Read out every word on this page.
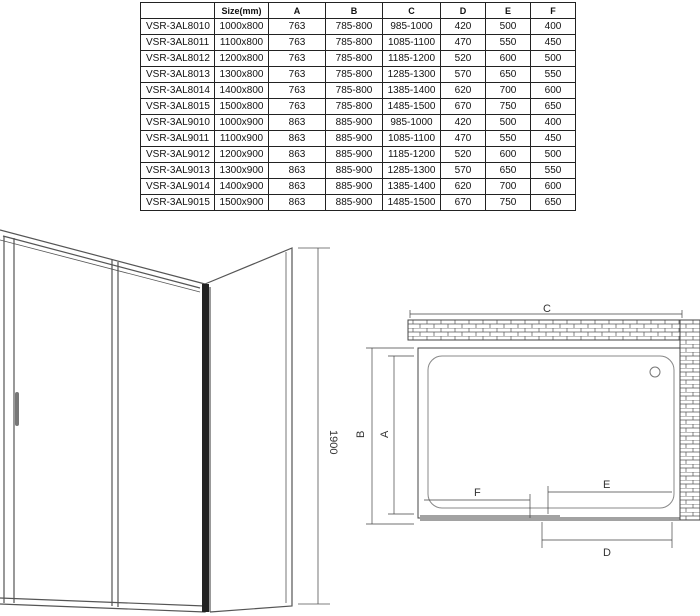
	Size(mm)	A	B	C	D	E	F
VSR-3AL8010	1000x800	763	785-800	985-1000	420	500	400
VSR-3AL8011	1100x800	763	785-800	1085-1100	470	550	450
VSR-3AL8012	1200x800	763	785-800	1185-1200	520	600	500
VSR-3AL8013	1300x800	763	785-800	1285-1300	570	650	550
VSR-3AL8014	1400x800	763	785-800	1385-1400	620	700	600
VSR-3AL8015	1500x800	763	785-800	1485-1500	670	750	650
VSR-3AL9010	1000x900	863	885-900	985-1000	420	500	400
VSR-3AL9011	1100x900	863	885-900	1085-1100	470	550	450
VSR-3AL9012	1200x900	863	885-900	1185-1200	520	600	500
VSR-3AL9013	1300x900	863	885-900	1285-1300	570	650	550
VSR-3AL9014	1400x900	863	885-900	1385-1400	620	700	600
VSR-3AL9015	1500x900	863	885-900	1485-1500	670	750	650
1900
C
B A
F
E
D
